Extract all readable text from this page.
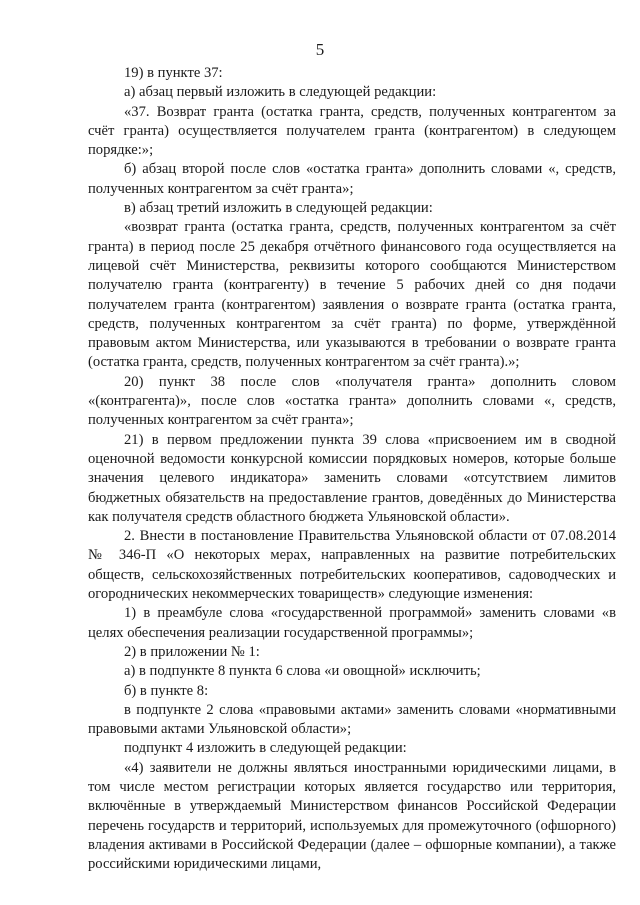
5

19) в пункте 37:

а) абзац первый изложить в следующей редакции:

«37. Возврат гранта (остатка гранта, средств, полученных контрагентом за счёт гранта) осуществляется получателем гранта (контрагентом) в следующем порядке:»;

б) абзац второй после слов «остатка гранта» дополнить словами «, средств, полученных контрагентом за счёт гранта»;

в) абзац третий изложить в следующей редакции:

«возврат гранта (остатка гранта, средств, полученных контрагентом за счёт гранта) в период после 25 декабря отчётного финансового года осуществляется на лицевой счёт Министерства, реквизиты которого сообщаются Министерством получателю гранта (контрагенту) в течение 5 рабочих дней со дня подачи получателем гранта (контрагентом) заявления о возврате гранта (остатка гранта, средств, полученных контрагентом за счёт гранта) по форме, утверждённой правовым актом Министерства, или указываются в требовании о возврате гранта (остатка гранта, средств, полученных контрагентом за счёт гранта).»;

20) пункт 38 после слов «получателя гранта» дополнить словом «(контрагента)», после слов «остатка гранта» дополнить словами «, средств, полученных контрагентом за счёт гранта»;

21) в первом предложении пункта 39 слова «присвоением им в сводной оценочной ведомости конкурсной комиссии порядковых номеров, которые больше значения целевого индикатора» заменить словами «отсутствием лимитов бюджетных обязательств на предоставление грантов, доведённых до Министерства как получателя средств областного бюджета Ульяновской области».

2. Внести в постановление Правительства Ульяновской области от 07.08.2014 № 346-П «О некоторых мерах, направленных на развитие потребительских обществ, сельскохозяйственных потребительских кооперативов, садоводческих и огороднических некоммерческих товариществ» следующие изменения:

1) в преамбуле слова «государственной программой» заменить словами «в целях обеспечения реализации государственной программы»;

2) в приложении № 1:

а) в подпункте 8 пункта 6 слова «и овощной» исключить;

б) в пункте 8:

в подпункте 2 слова «правовыми актами» заменить словами «нормативными правовыми актами Ульяновской области»;

подпункт 4 изложить в следующей редакции:

«4) заявители не должны являться иностранными юридическими лицами, в том числе местом регистрации которых является государство или территория, включённые в утверждаемый Министерством финансов Российской Федерации перечень государств и территорий, используемых для промежуточного (офшорного) владения активами в Российской Федерации (далее – офшорные компании), а также российскими юридическими лицами,
